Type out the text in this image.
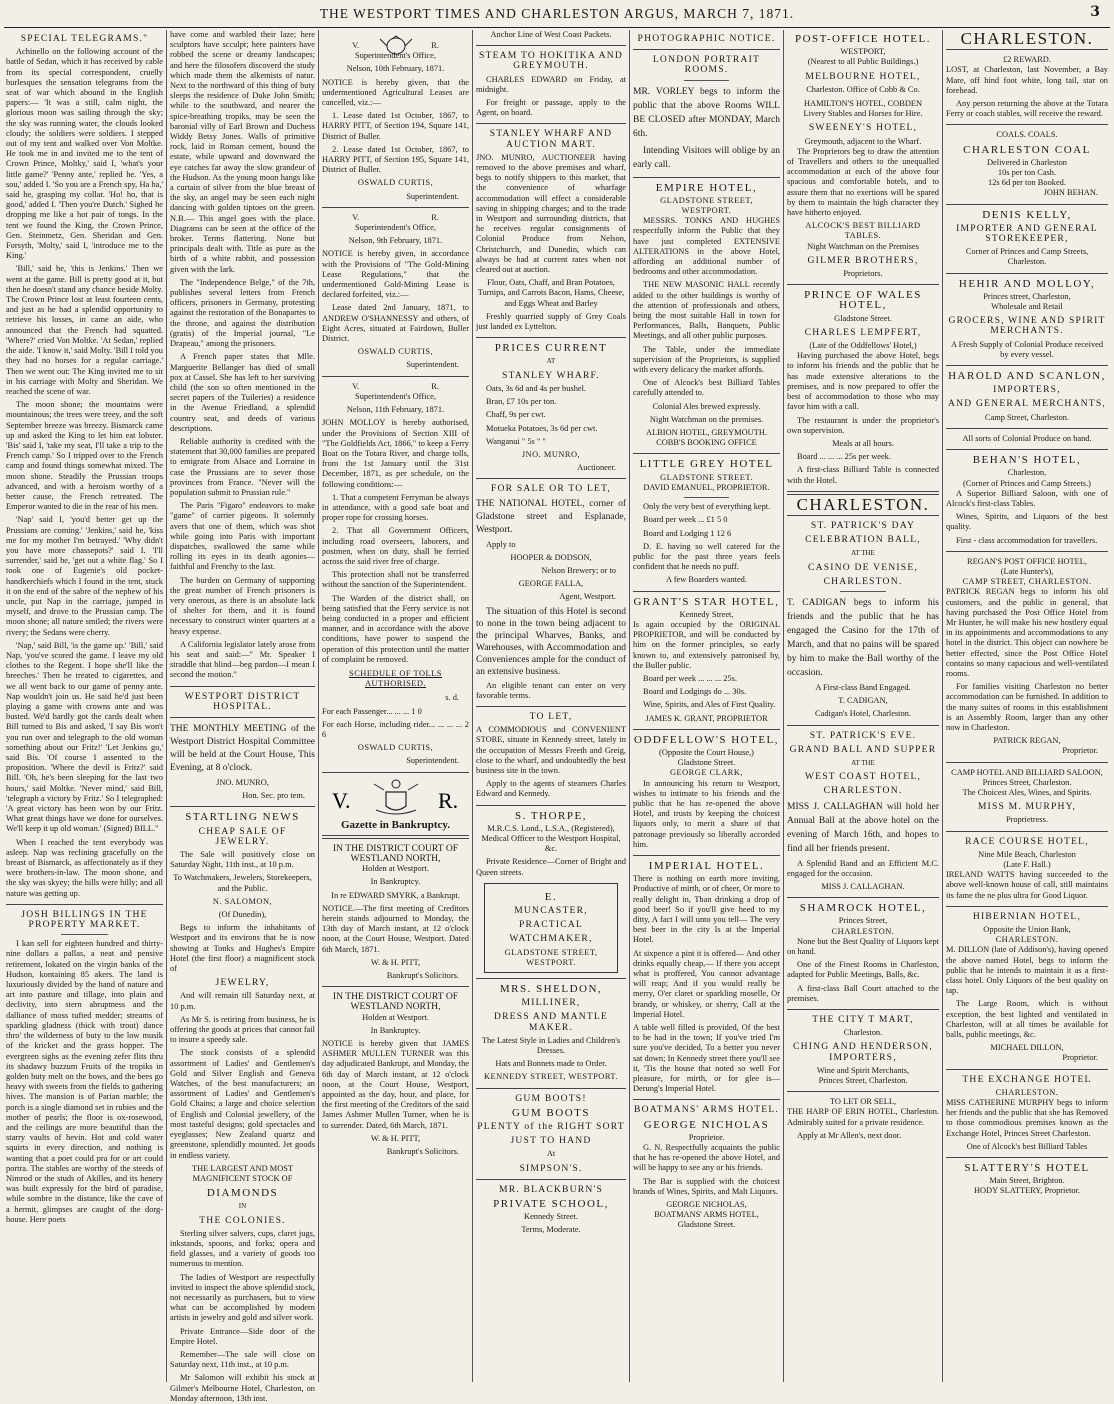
THE WESTPORT TIMES AND CHARLESTON ARGUS, MARCH 7, 1871.	3
SPECIAL TELEGRAMS."

Achinello on the following account of the battle of Sedan, which it has received by cable from its special correspondent, cruelly burlesques the sensation telegrams from the seat of war which abound in the English papers:— 'It was a still, calm night, the glorious moon was sailing through the sky; the sky was running water, the clouds looked cloudy; the soldiers were soldiers. I stepped out of my tent and walked over Von Moltke. He took me in and invited me to the tent of Crown Prince, Moltky,' said I, 'what's your little game?' 'Penny ante,' replied he. 'Yes, a sou,' added I. 'So you are a French spy, Ha ha,' said he, grasping my collar. 'Ho! ho, that is good,' added I. 'Then you're Dutch.' Sighed he dropping me like a hot pair of tongs. In the tent we found the King, the Crown Prince, Gen. Steinmetz, Gen. Sheridan and Gen. Forsyth, 'Molty,' said I, 'introduce me to the King.'

'Bill,' said he, 'this is Jenkins.' Then we went at the game. Bill is pretty good at it, but then he doesn't stand any chance beside Molty. The Crown Prince lost at least fourteen cents, and just as he had a splendid opportunity to retrieve his losses, in came an aide, who announced that the French had squatted. 'Where?' cried Von Moltke. 'At Sedan,' replied the aide. 'I know it,' said Molty. 'Bill I told you they had no horses for a regular carriage.' Then we went out: The King invited me to sit in his carriage with Molty and Sheridan. We reached the scene of war.

The moon shone; the mountains were mountainous; the trees were treey, and the soft September breeze was breezy. Bismarck came up and asked the King to let him eat lobster. 'Bis' said I, 'take my seat, I'll take a trip to the French camp.' So I tripped over to the French camp and found things somewhat mixed. The moon shone. Steadily the Prussian troops advanced, and with a heroism worthy of a better cause, the French retreated. The Emperor wanted to die in the rear of his men.

'Nap' said I, 'you'd better get up the Prussians are coming.' 'Jenkins,' said he, 'kiss me for my mother I'm betrayed.' 'Why didn't you have more chassepots?' said I. 'I'll surrender,' said he, 'get out a white flag.' So I took one of Eugenie's old pocket-handkerchiefs which I found in the tent, stuck it on the end of the sabre of the nephew of his uncle, put Nap in the carriage, jumped in myself, and drove to the Prussian camp. The moon shone; all nature smiled; the rivers were rivery; the Sedans were cherry.

'Nap,' said Bill, 'is the game up.' 'Bill,' said Nap, 'you've scored the game. I leave my old clothes to the Regent. I hope she'll like the breeches.' Then he treated to cigarettes, and we all went back to our game of penny ante. Nap wouldn't join us. He said he'd just been playing a game with crowns ante and was busted. We'd hardly got the cards dealt when Bill turned to Bis and asked, 'I say Bis won't you run over and telegraph to the old woman something about our Fritz!' 'Let Jenkins go,' said Bis. 'Of course I assented to the proposition. 'Where the devil is Fritz?' said Bill. 'Oh, he's been sleeping for the last two hours,' said Moltke. 'Never mind,' said Bill, 'telegraph a victory by Fritz.' So I telegraphed: 'A great victory has been won by our Fritz. What great things have we done for ourselves. We'll keep it up old woman.' (Signed) BILL."

When I reached the tent everybody was asleep. Nap was reclining gracefully on the breast of Bismarck, as affectionately as if they were brothers-in-law. The moon shone, and the sky was skyey; the hills were hilly; and all nature was getting up.

JOSH BILLINGS IN THE PROPERTY MARKET.

I kan sell for eighteen hundred and thirty-nine dollars a pallas, a neat and pensive retirement, lokated on the virgin banks of the Hudson, kontaining 85 akers. The land is luxuriously divided by the hand of nature and art into pasture and tillage, into plain and declivity, into stern abruptness and the dalliance of moss tufted medder; streams of sparkling gladness (thick with trout) dance thro' the wilderness of buty to the low musik of the kricket and the grass hopper. The evergreen sighs as the evening zefer flits thru its shadawy buzzum Fruits of the tropiks in golden buty melt on the bows, and the bees go heavy with sweets from the fields to gathering hives. The mansion is of Parian marble; the porch is a single diamond set in rubies and the mother of pearls; the floor is ox-rosewood, and the ceilings are more beautiful than the starry vaults of hevin. Hot and cold water squirts in every direction, and nothing is wanting that a poet could pra for or art could portra. The stables are worthy of the steeds of Nimrod or the studs of Akilles, and its henery was built expressly for the bird of paradise, while sombre in the distance, like the cave of a hermit, glimpses are caught of the dorg-house. Here poets

have come and warbled their laze; here sculptors have scculpt; here painters have robbed the scene or dreamy landscapes; and here the filosofers discoverd the study which made them the alkemists of natur. Next to the northward of this thing of buty sleeps the residence of Duke John Smith; while to the southward, and nearer the spice-breathing tropiks, may be seen the baronial villy of Earl Brown and Duchess Widdy Betsy Jones. Walls of primitive rock, laid in Roman cement, bound the estate, while upward and downward the eye catches far away the slow grandeur of the Hudson. As the young moon hangs like a curtain of silver from the blue breast of the sky, an angel may be seen each night dancing with golden tiptoes on the green. N.B.— This angel goes with the place. Diagrams can be seen at the office of the broker. Terms flattering. None but principals dealt with. Title as pure as the birth of a white rabbit, and possession given with the lark.

The "Independence Belge," of the 7th, publishes several letters from French officers, prisoners in Germany, protesting against the restoration of the Bonapartes to the throne, and against the distribution (gratis) of the Imperial journal, "Le Drapeau," among the prisoners.

A French paper states that Mlle. Marguerite Bellanger has died of small pox at Cassel. She has left to her surviving child (the son so often mentioned in the secret papers of the Tuileries) a residence in the Avenue Friedland, a splendid country seat, and deeds of various descriptions.

Reliable authority is credited with the statement that 30,000 families are prepared to emigrate from Alsace and Lorraine in case the Prussians are to sever those provinces from France. "Never will the population submit to Prussian rule."

The Paris "Figaro" endeavors to make "game" of carrier pigeons. It solemnly avers that one of them, which was shot while going into Paris with important dispatches, swallowed the same while rolling its eyes in its death agonies—faithful and Frenchy to the last.

The burden on Germany of supporting the great number of French prisoners is very onerous, as there is an absolute lack of shelter for them, and it is found necessary to construct winter quarters at a heavy expense.

A California legislator lately arose from his seat and said:—" Mr. Speaker I straddle that blind—beg pardon—I mean I second the motion."

WESTPORT DISTRICT HOSPITAL.

THE MONTHLY MEETING of the Westport District Hospital Committee will be held at the Court House, This Evening, at 8 o'clock.

JNO. MUNRO,

Hon. Sec. pro tem.

STARTLING NEWS
CHEAP SALE OF JEWELRY.

The Sale will positively close on Saturday Night, 11th inst., at 10 p.m.

To Watchmakers, Jewelers, Storekeepers, and the Public.

N. SALOMON,

(Of Dunedin),

Begs to inform the inhabitants of Westport and its environs that he is now showing at Tonks and Hughes's Empire Hotel (the first floor) a magnificent stock of

JEWELRY,

And will remain till Saturday next, at 10 p.m.

As Mr S. is retiring from business, he is offering the goods at prices that cannot fail to insure a speedy sale.

The stock consists of a splendid assortment of Ladies' and Gentlemen's Gold and Silver English and Geneva Watches, of the best manufacturers; an assortment of Ladies' and Gentlemen's Gold Chains; a large and choice selection of English and Colonial jewellery, of the most tasteful designs; gold spectacles and eyeglasses; New Zealand quartz and greenstone, splendidly mounted. Jet goods in endless variety.

THE LARGEST AND MOST MAGNIFICENT STOCK OF
DIAMONDS
IN
THE COLONIES.

Sterling silver salvers, cups, claret jugs, inkstands, spoons, and forks; opera and field glasses, and a variety of goods too numerous to mention.

The ladies of Westport are respectfully invited to inspect the above splendid stock, not necessarily as purchasers, but to view what can be accomplished by modern artists in jewelry and gold and silver work.

Private Entrance—Side door of the Empire Hotel.

Remember—The sale will close on Saturday next, 11th inst., at 10 p.m.

Mr Salomon will exhibit his stock at Gilmer's Melbourne Hotel, Charleston, on Monday afternoon, 13th inst.

V. R.

Superintendent's Office,

Nelson, 10th February, 1871.

NOTICE is hereby given, that the undermentioned Agricultural Leases are cancelled, viz.:—

1. Lease dated 1st October, 1867, to HARRY PITT, of Section 194, Square 141, District of Buller.

2. Lease dated 1st October, 1867, to HARRY PITT, of Section 195, Square 141, District of Buller.

OSWALD CURTIS,

Superintendent.

V. R.

Superintendent's Office,

Nelson, 9th February, 1871.

NOTICE is hereby given, in accordance with the Provisions of "The Gold-Mining Lease Regulations," that the undermentioned Gold-Mining Lease is declared forfeited, viz.:—

Lease dated 2nd January, 1871, to ANDREW O'SHANNESSY and others, of Eight Acres, situated at Fairdown, Buller District.

OSWALD CURTIS,

Superintendent.

V. R.

Superintendent's Office,

Nelson, 11th February, 1871.

JOHN MOLLOY is hereby authorised, under the Provisions of Section XIII of "The Goldfields Act, 1866," to keep a Ferry Boat on the Totara River, and charge tolls, from the 1st January until the 31st December, 1871, as per schedule, on the following conditions:—

1. That a competent Ferryman be always in attendance, with a good safe boat and proper rope for crossing horses.

2. That all Government Officers, including road overseers, laborers, and postmen, when on duty, shall be ferried across the said river free of charge.

This protection shall not be transferred without the sanction of the Superintendent.

The Warden of the district shall, on being satisfied that the Ferry service is not being conducted in a proper and efficient manner, and in accordance with the above conditions, have power to suspend the operation of this protection until the matter of complaint be removed.

SCHEDULE OF TOLLS AUTHORISED.

s. d.

For each Passenger... ... ... 1 0

For each Horse, including rider... ... ... ... 2 6

OSWALD CURTIS,

Superintendent.

V.	R.
Gazette in Bankruptcy.
IN THE DISTRICT COURT OF WESTLAND NORTH,

Holden at Westport.

In Bankruptcy.

In re EDWARD SMYRK, a Bankrupt.

NOTICE.—The first meeting of Creditors herein stands adjourned to Monday, the 13th day of March instant, at 12 o'clock noon, at the Court House, Westport. Dated 6th March, 1871.

W. & H. PITT,

Bankrupt's Solicitors.

IN THE DISTRICT COURT OF WESTLAND NORTH,

Holden at Westport.

In Bankruptcy.

NOTICE is hereby given that JAMES ASHMER MULLEN TURNER was this day adjudicated Bankrupt, and Monday, the 6th day of March instant, at 12 o'clock noon, at the Court House, Westport, appointed as the day, hour, and place, for the first meeting of the Creditors of the said James Ashmer Mullen Turner, when he is to surrender. Dated, 6th March, 1871.

W. & H. PITT,

Bankrupt's Solicitors.

Anchor Line of West Coast Packets.

STEAM TO HOKITIKA AND GREYMOUTH.

CHARLES EDWARD on Friday, at midnight.

For freight or passage, apply to the Agent, on board.

STANLEY WHARF AND AUCTION MART.

JNO. MUNRO, AUCTIONEER having removed to the above premises and wharf, begs to notify shippers to this market, that the convenience of wharfage accommodation will effect a considerable saving in shipping charges; and to the trade in Westport and surrounding districts, that he receives regular consignments of Colonial Produce from Nelson, Christchurch, and Dunedin, which can always be had at current rates when not cleared out at auction.

Flour, Oats, Chaff, and Bran Potatoes, Turnips, and Carrots Bacon, Hams, Cheese, and Eggs Wheat and Barley

Freshly quarried supply of Grey Coals just landed ex Lyttelton.

PRICES CURRENT
AT
STANLEY WHARF.

Oats, 3s 6d and 4s per bushel.

Bran, £7 10s per ton.

Chaff, 9s per cwt.

Motueka Potatoes, 3s 6d per cwt.

Wanganui " 5s " "

JNO. MUNRO,

Auctioneer.

FOR SALE OR TO LET,

THE NATIONAL HOTEL, corner of Gladstone street and Esplanade, Westport.

Apply to

HOOPER & DODSON,

Nelson Brewery; or to

GEORGE FALLA,

Agent, Westport.

The situation of this Hotel is second to none in the town being adjacent to the principal Wharves, Banks, and Warehouses, with Accommodation and Conveniences ample for the conduct of an extensive business.

An eligible tenant can enter on very favorable terms.

TO LET,

A COMMODIOUS and CONVENIENT STORE, situate in Kennedy street, lately in the occupation of Messrs Freeth and Greig, close to the wharf, and undoubtedly the best business site in the town.

Apply to the agents of steamers Charles Edward and Kennedy.

S. THORPE,

M.R.C.S. Lond., L.S.A., (Registered), Medical Officer to the Westport Hospital, &c.

Private Residence—Corner of Bright and Queen streets.

E.
MUNCASTER,
PRACTICAL
WATCHMAKER,
GLADSTONE STREET,
WESTPORT.
MRS. SHELDON,
MILLINER,
DRESS AND MANTLE MAKER.

The Latest Style in Ladies and Children's Dresses.

Hats and Bonnets made to Order.

KENNEDY STREET, WESTPORT.

GUM BOOTS!
GUM BOOTS
PLENTY of the RIGHT SORT
JUST TO HAND

At

SIMPSON'S.
MR. BLACKBURN'S
PRIVATE SCHOOL,

Kennedy Street.

Terms, Moderate.

PHOTOGRAPHIC NOTICE.
LONDON PORTRAIT ROOMS.

MR. VORLEY begs to inform the public that the above Rooms WILL BE CLOSED after MONDAY, March 6th.

Intending Visitors will oblige by an early call.

EMPIRE HOTEL,
GLADSTONE STREET,
WESTPORT.

MESSRS. TONKS AND HUGHES respectfully inform the Public that they have just completed EXTENSIVE ALTERATIONS in the above Hotel, affording an additional number of bedrooms and other accommodation.

THE NEW MASONIC HALL recently added to the other buildings is worthy of the attention of professionals and others, being the most suitable Hall in town for Performances, Balls, Banquets, Public Meetings, and all other public purposes.

The Table, under the immediate supervision of the Proprietors, is supplied with every delicacy the market affords.

One of Alcock's best Billiard Tables carefully attended to.

Colonial Ales brewed expressly.

Night Watchman on the premises.

ALBION HOTEL, GREYMOUTH.
COBB'S BOOKING OFFICE
LITTLE GREY HOTEL
GLADSTONE STREET.
DAVID EMANUEL, PROPRIETOR.

Only the very best of everything kept.

Board per week ... £1 5 0

Board and Lodging 1 12 6

D. E. having so well catered for the public for the past three years feels confident that he needs no puff.

A few Boarders wanted.

GRANT'S STAR HOTEL,
Kennedy Street,

Is again occupied by the ORIGINAL PROPRIETOR, and will be conducted by him on the former principles, so early known to, and extensively patronised by, the Buller public.

Board per week ... ... ... 25s.

Board and Lodgings do ... 30s.

Wine, Spirits, and Ales of First Quality.

JAMES K. GRANT, PROPRIETOR

ODDFELLOW'S HOTEL,
(Opposite the Court House,)
Gladstone Street.
GEORGE CLARK,

In announcing his return to Westport, wishes to intimate to his friends and the public that he has re-opened the above Hotel, and trusts by keeping the choicest liquors only, to merit a share of that patronage previously so liberally accorded him.

IMPERIAL HOTEL.

There is nothing on earth more inviting, Productive of mirth, or of cheer, Or more to really delight in, Than drinking a drop of good beer! So if you'll give heed to my ditty, A fact I will unto you tell— The very best beer in the city Is at the Imperial Hotel.

At sixpence a pint it is offered— And other drinks equally cheap,— If there you accept what is proffered, You cannot advantage will reap; And if you would really be merry, O'er claret or sparkling moselle, Or brandy, or whiskey, or sherry, Call at the Imperial Hotel.

A table well filled is provided, Of the best to be had in the town; If you've tried I'm sure you've decided, To a better you never sat down; In Kennedy street there you'll see it, 'Tis the house that noted so well For pleasure, for mirth, or for glee is— Derung's Imperial Hotel.

BOATMANS' ARMS HOTEL.
GEORGE NICHOLAS
Proprietor.

G. N. Respectfully acquaints the public that he has re-opened the above Hotel, and will be happy to see any or his friends.

The Bar is supplied with the choicest brands of Wines, Spirits, and Malt Liquors.

GEORGE NICHOLAS,
BOATMANS' ARMS HOTEL,
Gladstone Street.
POST-OFFICE HOTEL.
WESTPORT,
(Nearest to all Public Buildings.)
MELBOURNE HOTEL,
Charleston. Office of Cobb & Co.
HAMILTON'S HOTEL, COBDEN
Livery Stables and Horses for Hire.
SWEENEY'S HOTEL,
Greymouth, adjacent to the Wharf.

The Proprietors beg to draw the attention of Travellers and others to the unequalled accommodation at each of the above four spacious and comfortable hotels, and to assure them that no exertions will be spared by them to maintain the high character they have hitherto enjoyed.

ALCOCK'S BEST BILLIARD TABLES.
Night Watchman on the Premises
GILMER BROTHERS,
Proprietors.
PRINCE OF WALES HOTEL,
Gladstone Street.
CHARLES LEMPFERT,
(Late of the Oddfellows' Hotel,)

Having purchased the above Hotel, begs to inform his friends and the public that he has made extensive alterations to the premises, and is now prepared to offer the best of accommodation to those who may favor him with a call.

The restaurant is under the proprietor's own supervision.

Meals at all hours.

Board ... ... ... 25s per week.

A first-class Billiard Table is connected with the Hotel.

CHARLESTON.
ST. PATRICK'S DAY
CELEBRATION BALL,
AT THE
CASINO DE VENISE,
CHARLESTON.

T. CADIGAN begs to inform his friends and the public that he has engaged the Casino for the 17th of March, and that no pains will be spared by him to make the Ball worthy of the occasion.

A First-class Band Engaged.

T. CADIGAN,

Cadigan's Hotel, Charleston.

ST. PATRICK'S EVE.
GRAND BALL AND SUPPER
AT THE
WEST COAST HOTEL,
CHARLESTON.

MISS J. CALLAGHAN will hold her Annual Ball at the above hotel on the evening of March 16th, and hopes to find all her friends present.

A Splendid Band and an Efficient M.C. engaged for the occasion.

MISS J. CALLAGHAN.

SHAMROCK HOTEL,
Princes Street,
CHARLESTON.

None but the Best Quality of Liquors kept on hand.

One of the Finest Rooms in Charleston, adapted for Public Meetings, Balls, &c.

A first-class Ball Court attached to the premises.

THE CITY T MART,
Charleston.
CHING AND HENDERSON, IMPORTERS,
Wine and Spirit Merchants,
Princes Street, Charleston.
TO LET OR SELL,

THE HARP OF ERIN HOTEL, Charleston. Admirably suited for a private residence.

Apply at Mr Allen's, next door.

CHARLESTON.
£2 REWARD.

LOST, at Charleston, last November, a Bay Mare, off hind foot white, long tail, star on forehead.

Any person returning the above at the Totara Ferry or coach stables, will receive the reward.

COALS. COALS.
CHARLESTON COAL
Delivered in Charleston
10s per ton Cash.
12s 6d per ton Booked.
JOHN BEHAN.
DENIS KELLY,
IMPORTER AND GENERAL STOREKEEPER,

Corner of Princes and Camp Streets, Charleston.

HEHIR AND MOLLOY,
Princes street, Charleston,
Wholesale and Retail
GROCERS, WINE AND SPIRIT MERCHANTS.

A Fresh Supply of Colonial Produce received by every vessel.

HAROLD AND SCANLON,
IMPORTERS,
AND GENERAL MERCHANTS,
Camp Street, Charleston.

All sorts of Colonial Produce on hand.

BEHAN'S HOTEL,
Charleston,
(Corner of Princes and Camp Streets.)

A Superior Billiard Saloon, with one of Alcock's first-class Tables.

Wines, Spirits, and Liquors of the best quality.

First - class accommodation for travellers.

REGAN'S POST OFFICE HOTEL,
(Late Hunter's),
CAMP STREET, CHARLESTON.

PATRICK REGAN begs to inform his old customers, and the public in general, that having purchased the Post Office Hotel from Mr Hunter, he will make his new hostlery equal in its appointments and accommodations to any hotel in the district. This object can nowhere be better effected, since the Post Office Hotel contains so many capacious and well-ventilated rooms.

For families visiting Charleston no better accommodation can be furnished. In addition to the many suites of rooms in this establishment is an Assembly Room, larger than any other now in Charleston.

PATRICK REGAN,
Proprietor.
CAMP HOTEL AND BILLIARD SALOON,
Princes Street, Charleston.
The Choicest Ales, Wines, and Spirits.
MISS M. MURPHY,
Proprietress.
RACE COURSE HOTEL,
Nine Mile Beach, Charleston
(Late F. Hall.)

IRELAND WATTS having succeeded to the above well-known house of call, still maintains its fame the ne plus ultra for Good Liquor.

HIBERNIAN HOTEL,
Opposite the Union Bank,
CHARLESTON.

M. DILLON (late of Addison's), having opened the above named Hotel, begs to inform the public that he intends to maintain it as a first-class hotel. Only Liquors of the best quality on tap.

The Large Room, which is without exception, the best lighted and ventilated in Charleston, will at all times be available for balls, public meetings, &c.

MICHAEL DILLON,
Proprietor.
THE EXCHANGE HOTEL
CHARLESTON.

MISS CATHERINE MURPHY begs to inform her friends and the public that she has Removed to those commodious premises known as the Exchange Hotel, Princes Street Charleston.

One of Alcock's best Billiard Tables

SLATTERY'S HOTEL
Main Street, Brighton.
HODY SLATTERY, Proprietor.
